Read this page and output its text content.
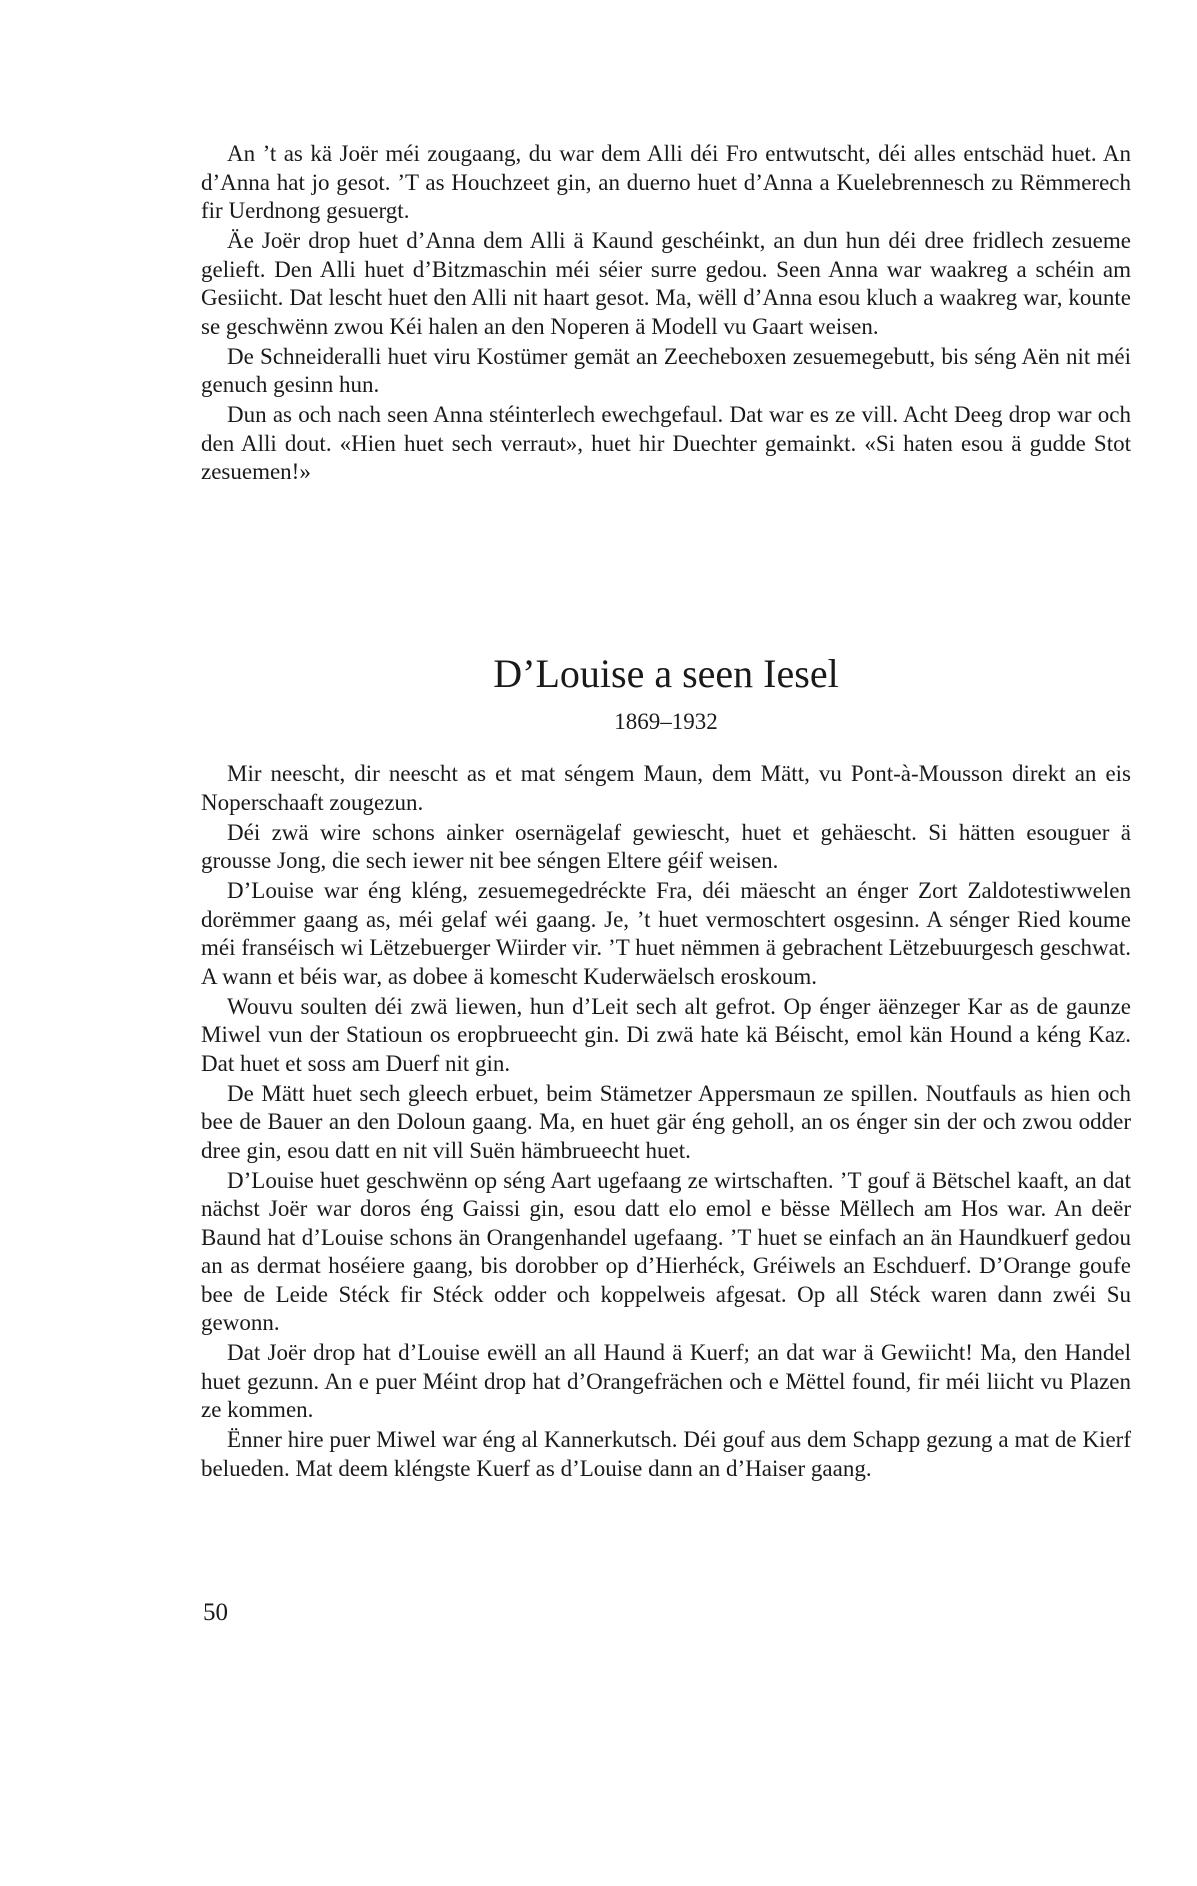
An ’t as kä Joër méi zougaang, du war dem Alli déi Fro entwutscht, déi alles entschäd huet. An d’Anna hat jo gesot. ’T as Houchzeet gin, an duerno huet d’Anna a Kuelebrennesch zu Rëmmerech fir Uerdnong gesuergt.

Äe Joër drop huet d’Anna dem Alli ä Kaund geschéinkt, an dun hun déi dree fridlech zesueme gelieft. Den Alli huet d’Bitzmaschin méi séier surre gedou. Seen Anna war waakreg a schéin am Gesiicht. Dat lescht huet den Alli nit haart gesot. Ma, wëll d’Anna esou kluch a waakreg war, kounte se geschwënn zwou Kéi halen an den Noperen ä Modell vu Gaart weisen.

De Schneideralli huet viru Kostümer gemät an Zeecheboxen zesuemegebutt, bis séng Aën nit méi genuch gesinn hun.

Dun as och nach seen Anna stéinterlech ewechgefaul. Dat war es ze vill. Acht Deeg drop war och den Alli dout. «Hien huet sech verraut», huet hir Duechter gemainkt. «Si haten esou ä gudde Stot zesuemen!»

D’Louise a seen Iesel
1869–1932

Mir neescht, dir neescht as et mat séngem Maun, dem Mätt, vu Pont-à-Mousson direkt an eis Noperschaaft zougezun.

Déi zwä wire schons ainker osernägelaf gewiescht, huet et gehäescht. Si hätten esouguer ä grousse Jong, die sech iewer nit bee séngen Eltere géif weisen.

D’Louise war éng kléng, zesuemegedréckte Fra, déi mäescht an énger Zort Zaldotestiwwelen dorëmmer gaang as, méi gelaf wéi gaang. Je, ’t huet vermoschtert osgesinn. A sénger Ried koume méi franséisch wi Lëtzebuerger Wiirder vir. ’T huet nëmmen ä gebrachent Lëtzebuurgesch geschwat. A wann et béis war, as dobee ä komescht Kuderwäelsch eroskoum.

Wouvu soulten déi zwä liewen, hun d’Leit sech alt gefrot. Op énger äënzeger Kar as de gaunze Miwel vun der Statioun os eropbrueecht gin. Di zwä hate kä Béischt, emol kän Hound a kéng Kaz. Dat huet et soss am Duerf nit gin.

De Mätt huet sech gleech erbuet, beim Stämetzer Appersmaun ze spillen. Noutfauls as hien och bee de Bauer an den Doloun gaang. Ma, en huet gär éng geholl, an os énger sin der och zwou odder dree gin, esou datt en nit vill Suën hämbrueecht huet.

D’Louise huet geschwënn op séng Aart ugefaang ze wirtschaften. ’T gouf ä Bëtschel kaaft, an dat nächst Joër war doros éng Gaissi gin, esou datt elo emol e bësse Mëllech am Hos war. An deër Baund hat d’Louise schons än Orangenhandel ugefaang. ’T huet se einfach an än Haundkuerf gedou an as dermat hoséiere gaang, bis dorobber op d’Hierhéck, Gréiwels an Eschduerf. D’Orange goufe bee de Leide Stéck fir Stéck odder och koppelweis afgesat. Op all Stéck waren dann zwéi Su gewonn.

Dat Joër drop hat d’Louise ewëll an all Haund ä Kuerf; an dat war ä Gewiicht! Ma, den Handel huet gezunn. An e puer Méint drop hat d’Orangefrächen och e Mëttel found, fir méi liicht vu Plazen ze kommen.

Ënner hire puer Miwel war éng al Kannerkutsch. Déi gouf aus dem Schapp gezung a mat de Kierf belueden. Mat deem kléngste Kuerf as d’Louise dann an d’Haiser gaang.

50
